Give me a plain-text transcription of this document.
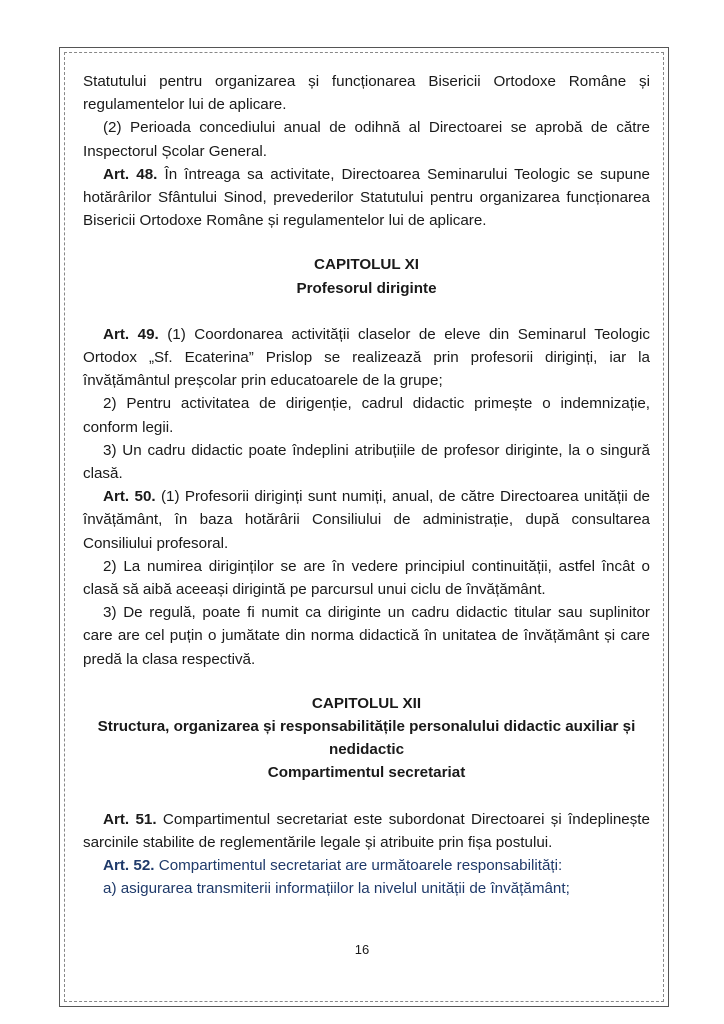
Statutului pentru organizarea și funcționarea Bisericii Ortodoxe Române și regulamentelor lui de aplicare.

(2) Perioada concediului anual de odihnă al Directoarei se aprobă de către Inspectorul Școlar General.

Art. 48. În întreaga sa activitate, Directoarea Seminarului Teologic se supune hotărârilor Sfântului Sinod, prevederilor Statutului pentru organizarea funcționarea Bisericii Ortodoxe Române și regulamentelor lui de aplicare.

CAPITOLUL XI

Profesorul diriginte

Art. 49. (1) Coordonarea activității claselor de eleve din Seminarul Teologic Ortodox „Sf. Ecaterina” Prislop se realizează prin profesorii diriginți, iar la învățământul preșcolar prin educatoarele de la grupe;

2) Pentru activitatea de dirigenție, cadrul didactic primește o indemnizație, conform legii.

3) Un cadru didactic poate îndeplini atribuțiile de profesor diriginte, la o singură clasă.

Art. 50. (1) Profesorii diriginți sunt numiți, anual, de către Directoarea unității de învățământ, în baza hotărârii Consiliului de administrație, după consultarea Consiliului profesoral.

2) La numirea diriginților se are în vedere principiul continuității, astfel încât o clasă să aibă aceeași dirigintă pe parcursul unui ciclu de învățământ.

3) De regulă, poate fi numit ca diriginte un cadru didactic titular sau suplinitor care are cel puțin o jumătate din norma didactică în unitatea de învățământ și care predă la clasa respectivă.

CAPITOLUL XII

Structura, organizarea și responsabilitățile personalului didactic auxiliar și nedidactic

Compartimentul secretariat

Art. 51. Compartimentul secretariat este subordonat Directoarei și îndeplinește sarcinile stabilite de reglementările legale și atribuite prin fișa postului.

Art. 52. Compartimentul secretariat are următoarele responsabilități:

a) asigurarea transmiterii informațiilor la nivelul unității de învățământ;

16
